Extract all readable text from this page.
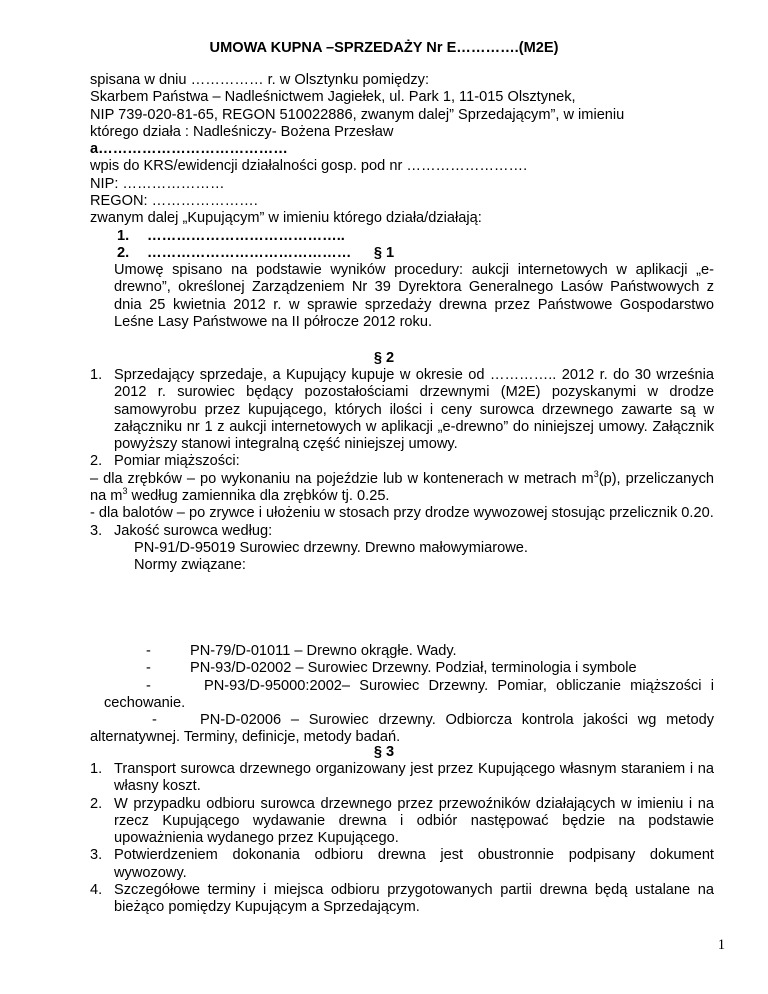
UMOWA KUPNA –SPRZEDAŻY Nr E………….(M2E)
spisana w dniu …………… r. w Olsztynku pomiędzy:
Skarbem Państwa – Nadleśnictwem Jagiełek, ul. Park 1, 11-015 Olsztynek,
NIP 739-020-81-65, REGON 510022886, zwanym dalej” Sprzedającym”, w imieniu
którego działa : Nadleśniczy- Bożena Przesław
a…………………………………
wpis do KRS/ewidencji działalności gosp. pod nr …………………….
NIP: …………………
REGON: ………………….
zwanym dalej „Kupującym” w imieniu którego działa/działają:
1. …………………………………..
2. ……………………………………	§ 1
Umowę spisano na podstawie wyników procedury: aukcji internetowych w aplikacji „e-drewno”, określonej Zarządzeniem Nr 39 Dyrektora Generalnego Lasów Państwowych z dnia 25 kwietnia 2012 r. w sprawie sprzedaży drewna przez Państwowe Gospodarstwo Leśne Lasy Państwowe na II półrocze 2012 roku.
§ 2
1. Sprzedający sprzedaje, a Kupujący kupuje w okresie od ………….. 2012 r. do 30 września 2012 r. surowiec będący pozostałościami drzewnymi (M2E) pozyskanymi w drodze samowyrobu przez kupującego, których ilości i ceny surowca drzewnego zawarte są w załączniku nr 1 z aukcji internetowych w aplikacji „e-drewno” do niniejszej umowy. Załącznik powyższy stanowi integralną część niniejszej umowy.
2. Pomiar miąższości:
– dla zrębków – po wykonaniu na pojeździe lub w kontenerach w metrach $m^3(p)$, przeliczanych na $m^3$ według zamiennika dla zrębków tj. 0.25.
- dla balotów – po zrywce i ułożeniu w stosach przy drodze wywozowej stosując przelicznik 0.20.
3. Jakość surowca według:
PN-91/D-95019 Surowiec drzewny. Drewno małowymiarowe.
Normy związane:
-	PN-79/D-01011 – Drewno okrągłe. Wady.
-	PN-93/D-02002 – Surowiec Drzewny. Podział, terminologia i symbole
-	PN-93/D-95000:2002– Surowiec Drzewny. Pomiar, obliczanie miąższości i cechowanie.
-	PN-D-02006 – Surowiec drzewny. Odbiorcza kontrola jakości wg metody alternatywnej. Terminy, definicje, metody badań.
§ 3
1. Transport surowca drzewnego organizowany jest przez Kupującego własnym staraniem i na własny koszt.
2. W przypadku odbioru surowca drzewnego przez przewoźników działających w imieniu i na rzecz Kupującego wydawanie drewna i odbiór następować będzie na podstawie upoważnienia wydanego przez Kupującego.
3. Potwierdzeniem dokonania odbioru drewna jest obustronnie podpisany dokument wywozowy.
4. Szczegółowe terminy i miejsca odbioru przygotowanych partii drewna będą ustalane na bieżąco pomiędzy Kupującym a Sprzedającym.
1
